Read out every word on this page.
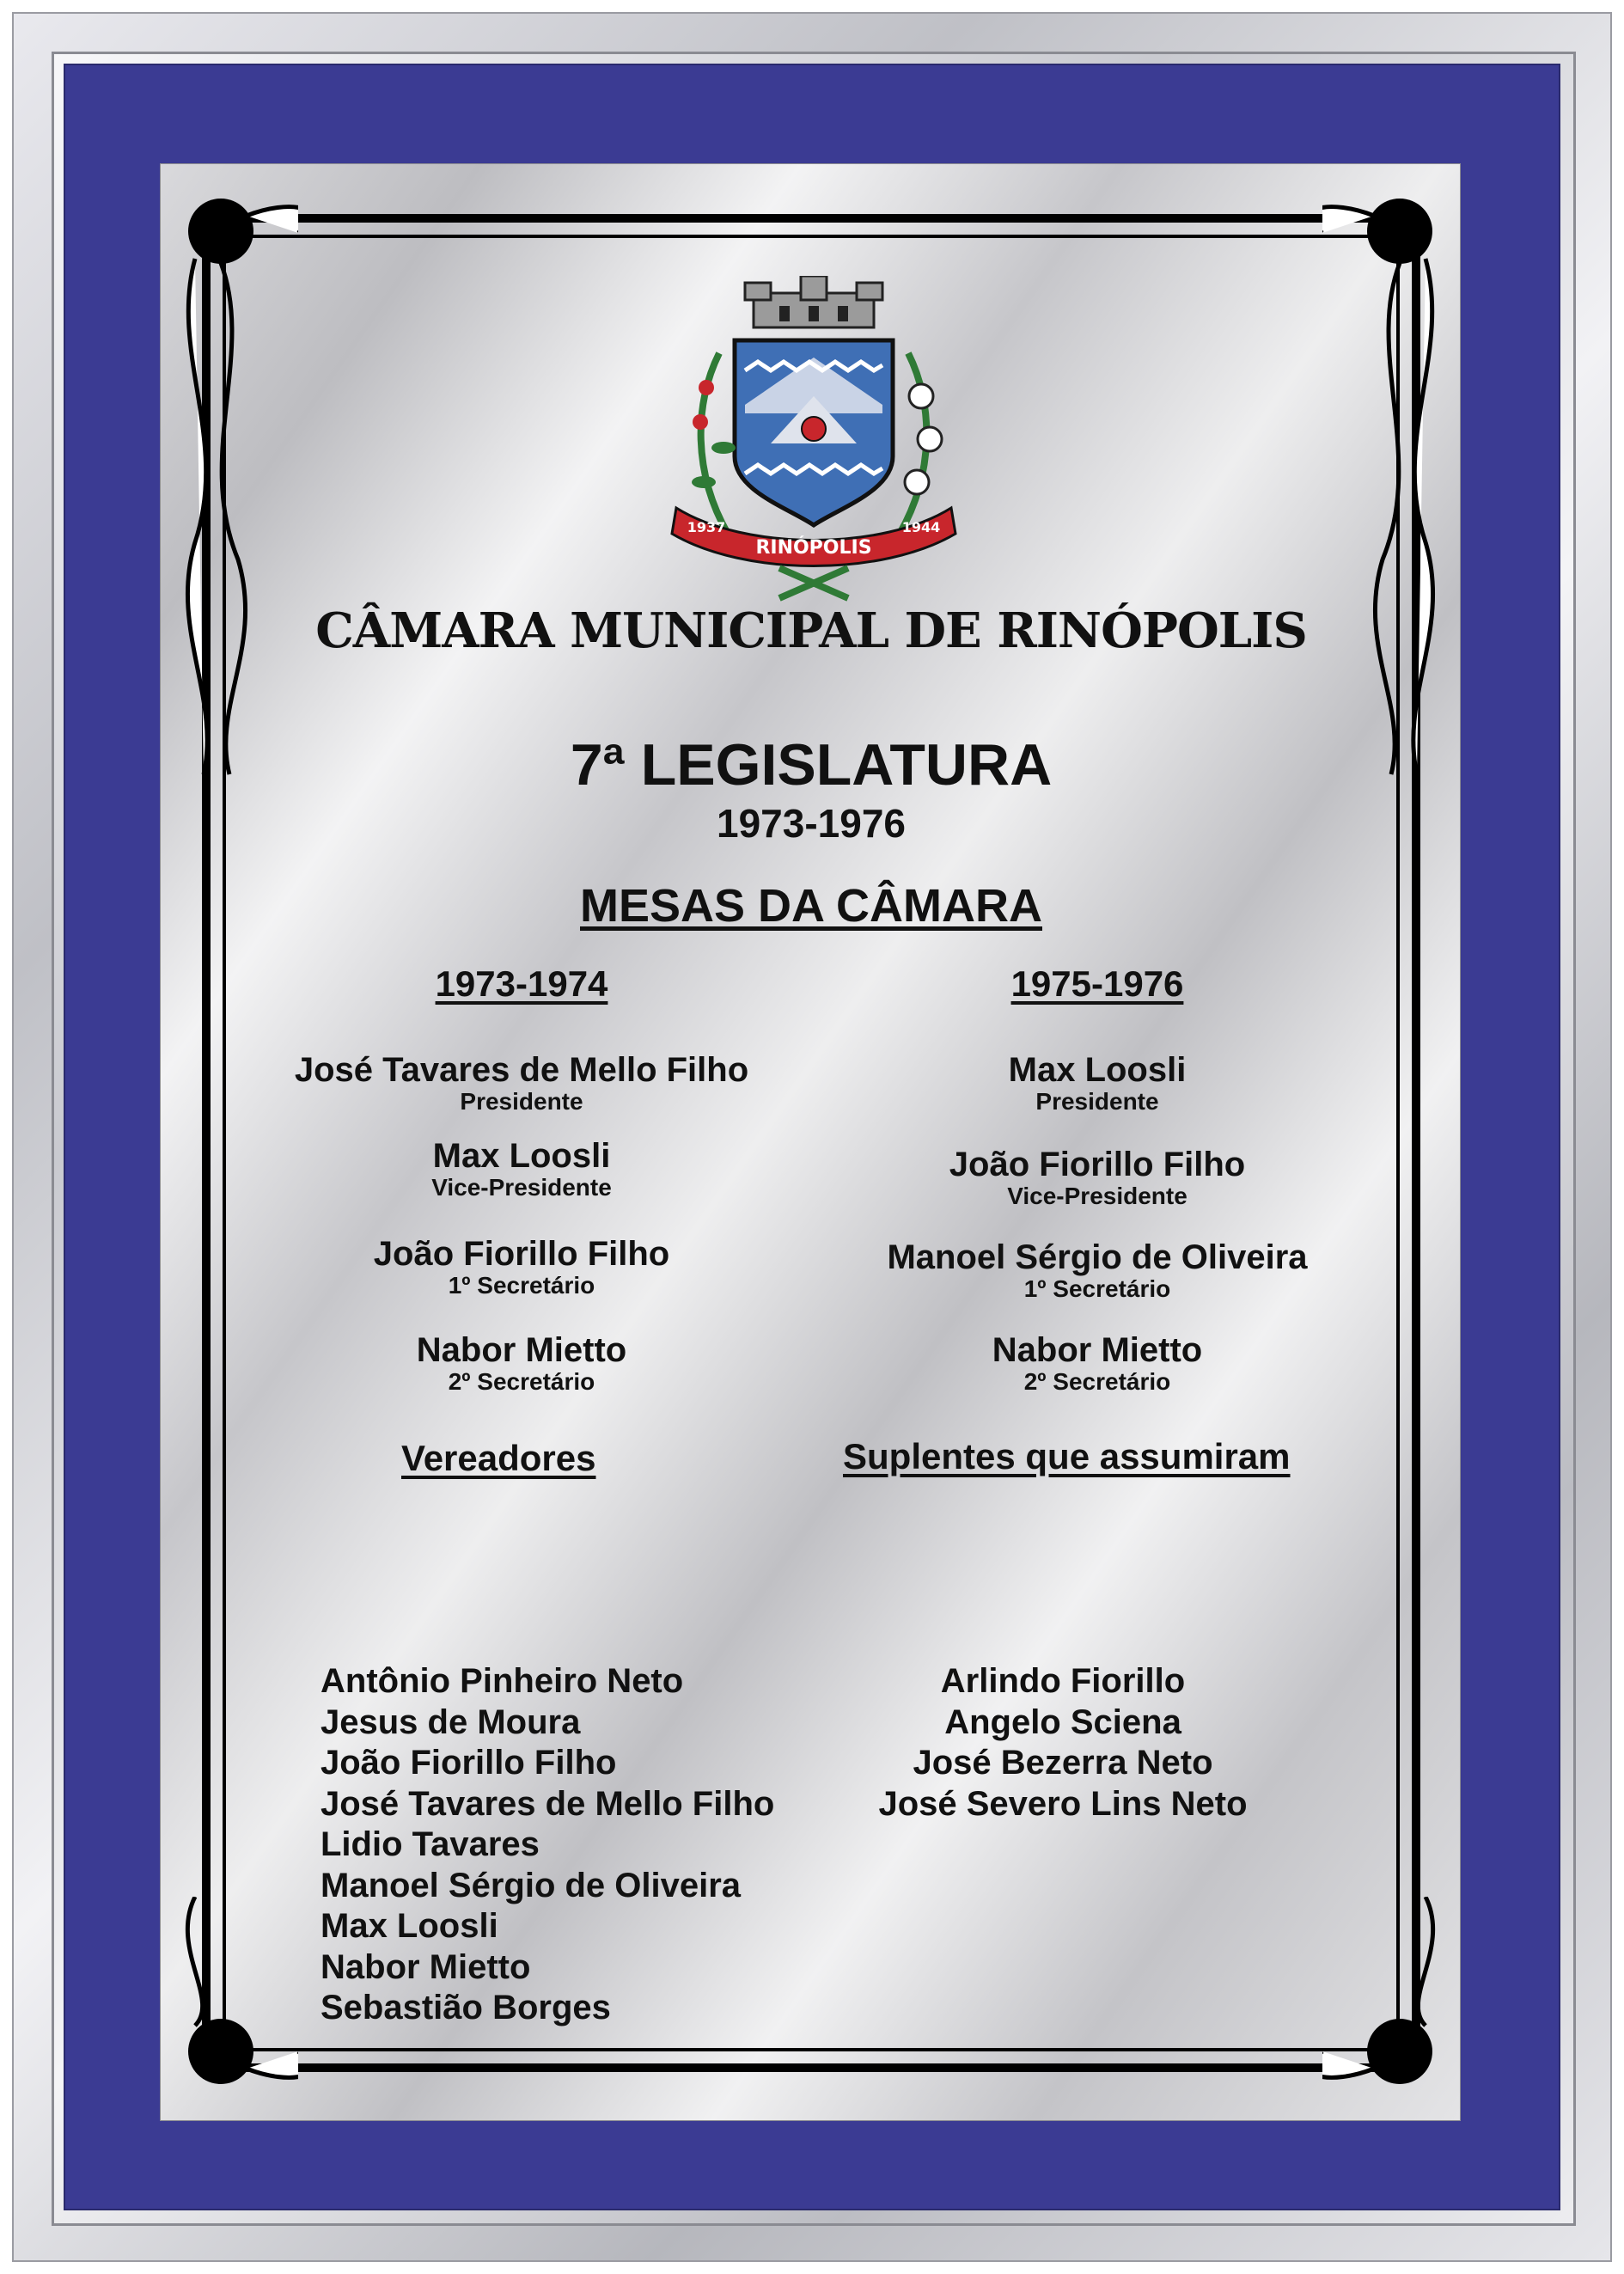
RINÓPOLIS
1937	1944
CÂMARA MUNICIPAL DE RINÓPOLIS
7ª LEGISLATURA
1973-1976
MESAS DA CÂMARA
1973-1974
José Tavares de Mello Filho
Presidente
Max Loosli
Vice-Presidente
João Fiorillo Filho
1º Secretário
Nabor Mietto
2º Secretário
1975-1976
Max Loosli
Presidente
João Fiorillo Filho
Vice-Presidente
Manoel Sérgio de Oliveira
1º Secretário
Nabor Mietto
2º Secretário
Vereadores	Suplentes que assumiram
Antônio Pinheiro Neto
Jesus de Moura
João Fiorillo Filho
José Tavares de Mello Filho
Lidio Tavares
Manoel Sérgio de Oliveira
Max Loosli
Nabor Mietto
Sebastião Borges
Arlindo Fiorillo
Angelo Sciena
José Bezerra Neto
José Severo Lins Neto
